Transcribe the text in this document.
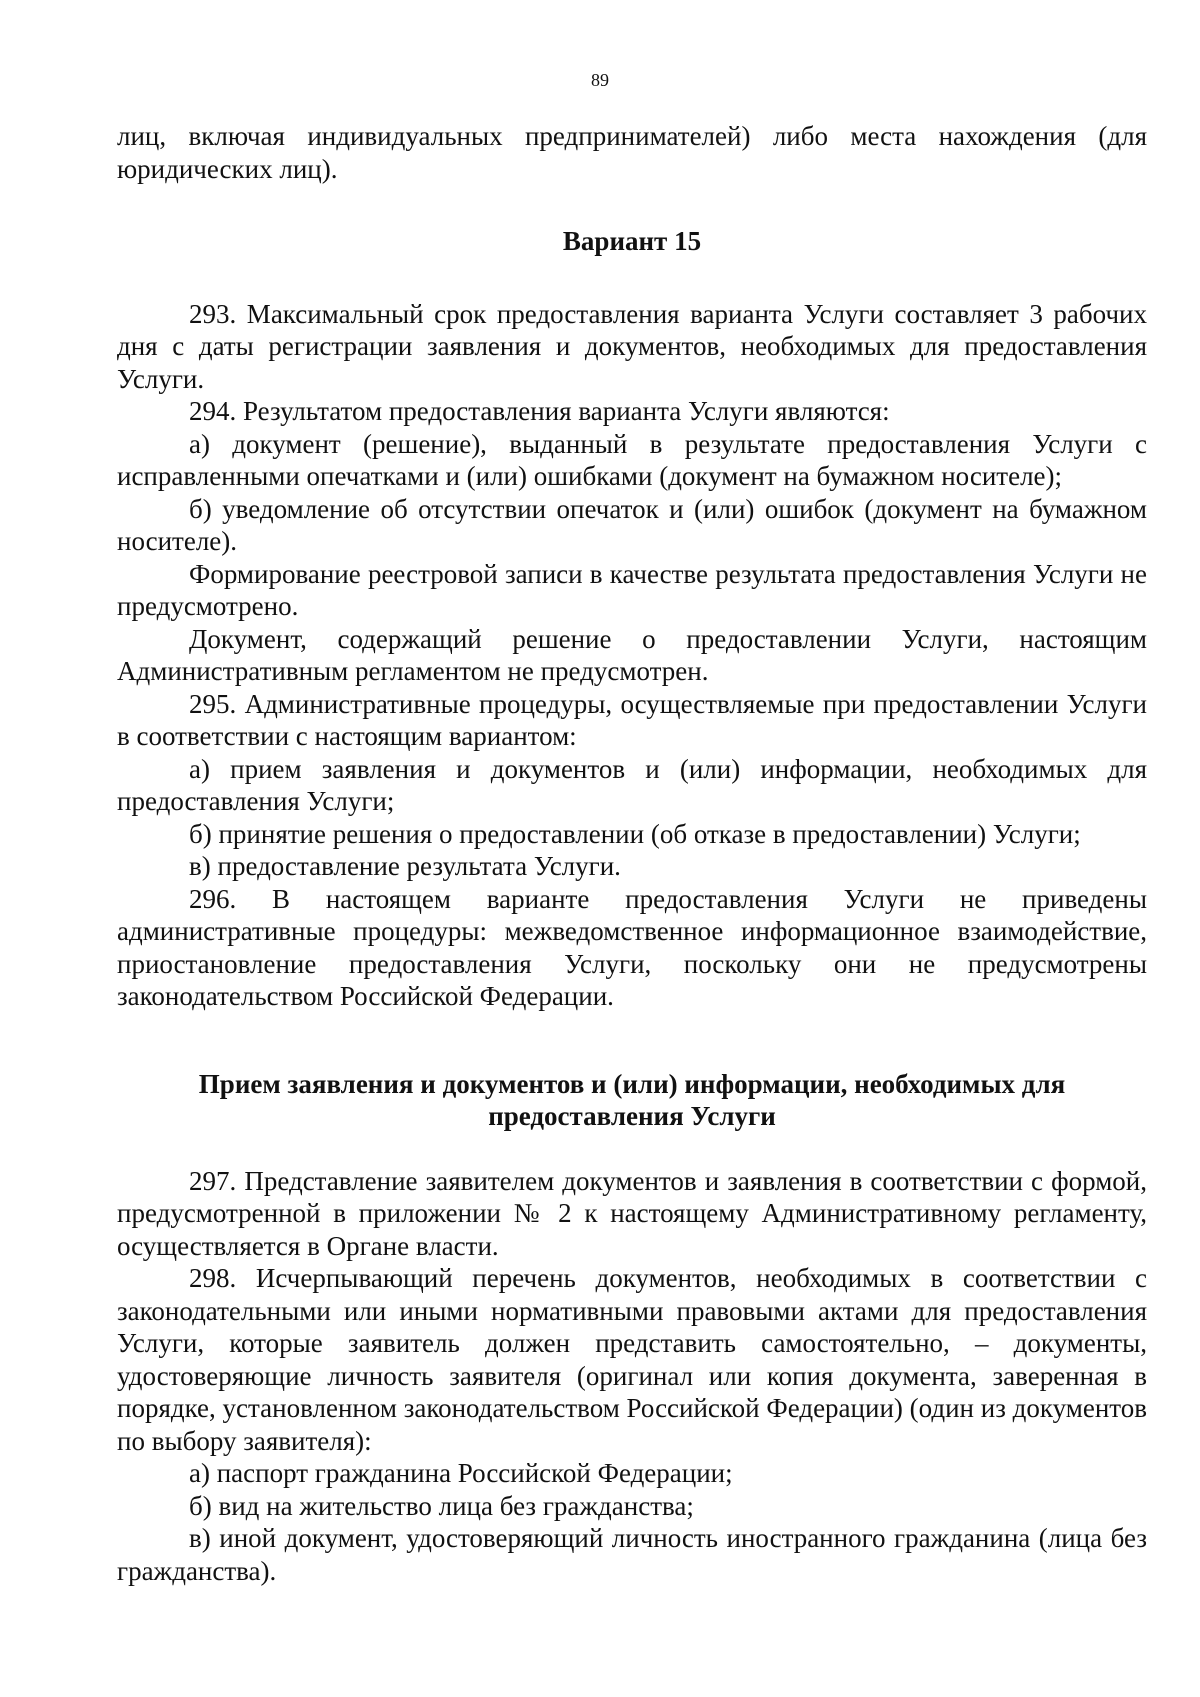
89

лиц, включая индивидуальных предпринимателей) либо места нахождения (для юридических лиц).

Вариант 15

293. Максимальный срок предоставления варианта Услуги составляет 3 рабочих дня с даты регистрации заявления и документов, необходимых для предоставления Услуги.

294. Результатом предоставления варианта Услуги являются:

а) документ (решение), выданный в результате предоставления Услуги с исправленными опечатками и (или) ошибками (документ на бумажном носителе);

б) уведомление об отсутствии опечаток и (или) ошибок (документ на бумажном носителе).

Формирование реестровой записи в качестве результата предоставления Услуги не предусмотрено.

Документ, содержащий решение о предоставлении Услуги, настоящим Административным регламентом не предусмотрен.

295. Административные процедуры, осуществляемые при предоставлении Услуги в соответствии с настоящим вариантом:

а) прием заявления и документов и (или) информации, необходимых для предоставления Услуги;

б) принятие решения о предоставлении (об отказе в предоставлении) Услуги;

в) предоставление результата Услуги.

296. В настоящем варианте предоставления Услуги не приведены административные процедуры: межведомственное информационное взаимодействие, приостановление предоставления Услуги, поскольку они не предусмотрены законодательством Российской Федерации.

Прием заявления и документов и (или) информации, необходимых для предоставления Услуги

297. Представление заявителем документов и заявления в соответствии с формой, предусмотренной в приложении № 2 к настоящему Административному регламенту, осуществляется в Органе власти.

298. Исчерпывающий перечень документов, необходимых в соответствии с законодательными или иными нормативными правовыми актами для предоставления Услуги, которые заявитель должен представить самостоятельно, – документы, удостоверяющие личность заявителя (оригинал или копия документа, заверенная в порядке, установленном законодательством Российской Федерации) (один из документов по выбору заявителя):

а) паспорт гражданина Российской Федерации;

б) вид на жительство лица без гражданства;

в) иной документ, удостоверяющий личность иностранного гражданина (лица без гражданства).
